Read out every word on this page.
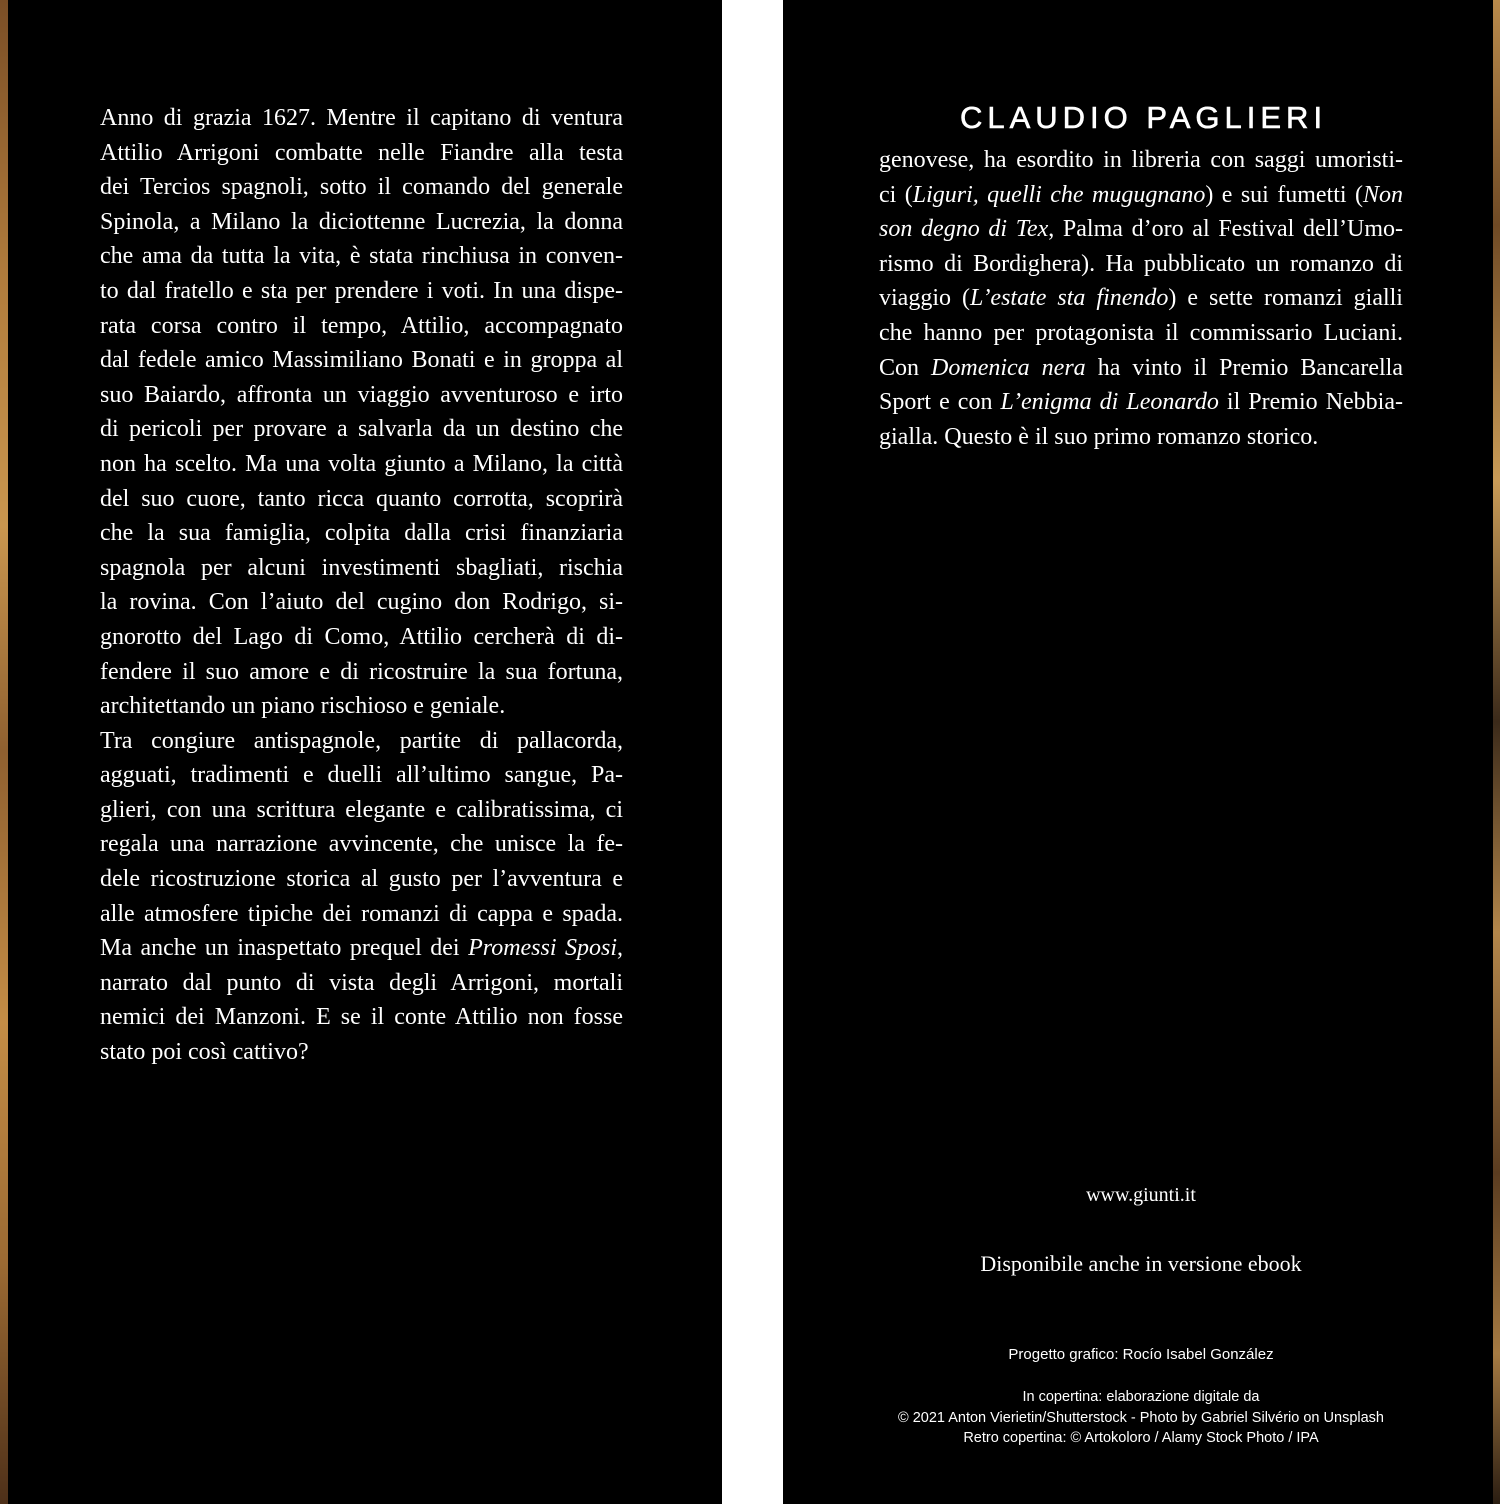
Anno di grazia 1627. Mentre il capitano di ventura
Attilio Arrigoni combatte nelle Fiandre alla testa
dei Tercios spagnoli, sotto il comando del generale
Spinola, a Milano la diciottenne Lucrezia, la donna
che ama da tutta la vita, è stata rinchiusa in conven-
to dal fratello e sta per prendere i voti. In una dispe-
rata corsa contro il tempo, Attilio, accompagnato
dal fedele amico Massimiliano Bonati e in groppa al
suo Baiardo, affronta un viaggio avventuroso e irto
di pericoli per provare a salvarla da un destino che
non ha scelto. Ma una volta giunto a Milano, la città
del suo cuore, tanto ricca quanto corrotta, scoprirà
che la sua famiglia, colpita dalla crisi finanziaria
spagnola per alcuni investimenti sbagliati, rischia
la rovina. Con l’aiuto del cugino don Rodrigo, si-
gnorotto del Lago di Como, Attilio cercherà di di-
fendere il suo amore e di ricostruire la sua fortuna,
architettando un piano rischioso e geniale.
Tra congiure antispagnole, partite di pallacorda,
agguati, tradimenti e duelli all’ultimo sangue, Pa-
glieri, con una scrittura elegante e calibratissima, ci
regala una narrazione avvincente, che unisce la fe-
dele ricostruzione storica al gusto per l’avventura e
alle atmosfere tipiche dei romanzi di cappa e spada.
Ma anche un inaspettato prequel dei Promessi Sposi,
narrato dal punto di vista degli Arrigoni, mortali
nemici dei Manzoni. E se il conte Attilio non fosse
stato poi così cattivo?
CLAUDIO PAGLIERI
genovese, ha esordito in libreria con saggi umoristi-
ci (Liguri, quelli che mugugnano) e sui fumetti (Non
son degno di Tex, Palma d’oro al Festival dell’Umo-
rismo di Bordighera). Ha pubblicato un romanzo di
viaggio (L’estate sta finendo) e sette romanzi gialli
che hanno per protagonista il commissario Luciani.
Con Domenica nera ha vinto il Premio Bancarella
Sport e con L’enigma di Leonardo il Premio Nebbia-
gialla. Questo è il suo primo romanzo storico.
www.giunti.it
Disponibile anche in versione ebook
Progetto grafico: Rocío Isabel González
In copertina: elaborazione digitale da
© 2021 Anton Vierietin/Shutterstock - Photo by Gabriel Silvério on Unsplash
Retro copertina: © Artokoloro / Alamy Stock Photo / IPA
